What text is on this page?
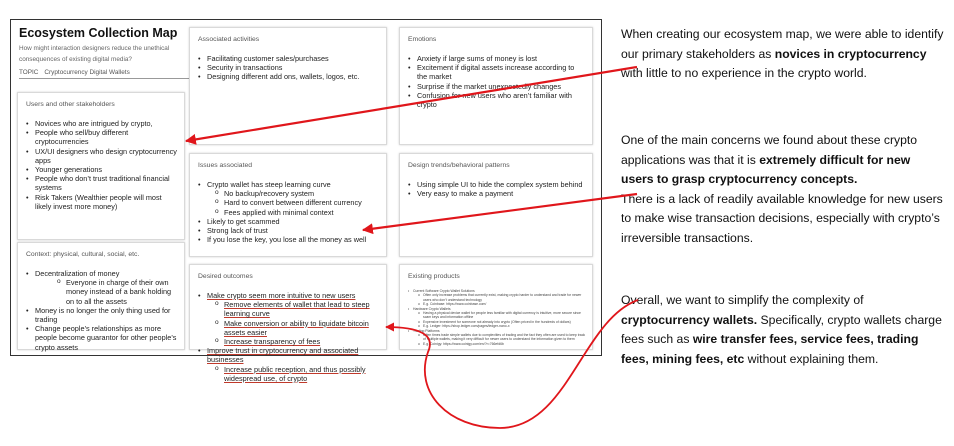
Ecosystem Collection Map
How might interaction designers reduce the unethical consequences of existing digital media?
TOPIC Cryptocurrency Digital Wallets
Users and other stakeholders
• Novices who are intrigued by crypto,
• People who sell/buy different cryptocurrencies
• UX/UI designers who design cryptocurrency apps
• Younger generations
• People who don’t trust traditional financial systems
• Risk Takers (Wealthier people will most likely invest more money)
Associated activities
• Facilitating customer sales/purchases
• Security in transactions
• Designing different add ons, wallets, logos, etc.
Emotions
• Anxiety if large sums of money is lost
• Excitement if digital assets increase according to the market
• Surprise if the market unexpectedly changes
• Confusion for new users who aren’t familiar with crypto
Issues associated
• Crypto wallet has steep learning curve
o No backup/recovery system
o Hard to convert between different currency
o Fees applied with minimal context
• Likely to get scammed
• Strong lack of trust
• If you lose the key, you lose all the money as well
Design trends/behavioral patterns
• Using simple UI to hide the complex system behind
• Very easy to make a payment
Context: physical, cultural, social, etc.
• Decentralization of money
o Everyone in charge of their own money instead of a bank holding on to all the assets
• Money is no longer the only thing used for trading
• Change people’s relationships as more people become guarantor for other people’s crypto assets
Desired outcomes
• Make crypto seem more intuitive to new users
o Remove elements of wallet that lead to steep learning curve
o Make conversion or ability to liquidate bitcoin assets easier
o Increase transparency of fees
• Improve trust in cryptocurrency and associated businesses
o Increase public reception, and thus possibly widespread use, of crypto
Existing products
• Current Software Crypto Wallet Solutions
o Often only increase problems that currently exist, making crypto harder to understand and trade for newer users who don’t understand technology
o E.g. Coinbase: https://www.coinbase.com/
• Hardware Crypto Wallets
o Having a physical device wallet for people less familiar with digital currency is intuitive, more secure since scam keys and information offline
o Expensive investment for someone not already into crypto (Often priced in the hundreds of dollars)
o E.g. Ledger: https://shop.ledger.com/pages/ledger-nano-x
• Trading Platforms
o Often times trade simple wallets due to complexities of trading and the fact they often are used to keep track of multiple wallets, making it very difficult for newer users to understand the information given to them
o E.g. Coinigy: https://www.coinigy.com/en/?r=766efd6b
When creating our ecosystem map, we were able to identify our primary stakeholders as novices in cryptocurrency with little to no experience in the crypto world.
One of the main concerns we found about these crypto applications was that it is extremely difficult for new users to grasp cryptocurrency concepts.
There is a lack of readily available knowledge for new users to make wise transaction decisions, especially with crypto’s irreversible transactions.
Overall, we want to simplify the complexity of cryptocurrency wallets. Specifically, crypto wallets charge fees such as wire transfer fees, service fees, trading fees, mining fees, etc without explaining them.
